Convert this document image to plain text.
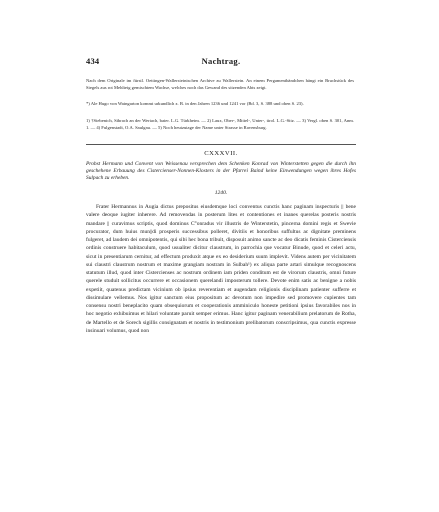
434	Nachtrag.

Nach dem Originale im fürstl. Oettingen-Wallersteinischen Archive zu Wallerstein. An einem Pergamentbändchen hängt ein Bruchstück des Siegels aus rot Mehlteig gemischtem Wachse, welches noch das Gewand des sitzenden Abts zeigt.

*) Ale Hugo von Waingarton kommt urkundlich z. B. in den Jahren 1236 und 1241 vor (Bd. 3, S. 388 und oben S. 23).

1) †Siebenich, Sibrach an der Wertach, baier. L.G. Türkheim. — 2) Laux, Ober-, Mittel-, Unter-, tirol. L.G.-Sitz. — 3) Vergl. oben S. 301, Anm. 1. — 4) Fulgenstadt, O.A. Saulgau. — 5) Noch heutzutage der Name unter Strasse in Ravensburg.

CXXXVII.

Probst Hermann und Convent von Weissenau versprechen dem Schenken Konrad von Winterstetten gegen die durch ihn geschehene Erbauung des Cistercienser-Nonnen-Klosters in der Pfarrei Baind keine Einwendungen wegen ihres Hofes Sulpach zu erheben.

1240.

Frater Hermannus in Augia dictus prepositus eiusdemque loci conventus cunctis hanc paginam inspecturis || bene valere deoque iugiter inherere. Ad removendas in posterum lites et contentiones et inanes querelas posteris nostris mandare || curavimus scriptis, quod dominus C°onradus vir illustris de Winterstetin, pincerna domini regis et Swevie procurator, dum huius mun||di prosperis successibus polleret, divitiis et honoribus suffultus ac dignitate preminens fulgeret, ad laudem dei omnipotentis, qui sibi hec bona tribuit, disposuit animo sancte ac deo dicatis feminis Cisterciensis ordinis construere habitaculum, quod usualiter dicitur claustrum, in parrochia que vocatur Binude, quod et celeri actu, sicut in presentiarum cernitur, ad effectum produxit atque ex eo desiderium suum implevit. Videns autem per vicinitatem sui claustri claustrum nostrum et maxime grangiam nostram in Sulbah¹) ex aliqua parte artari simulque recognoscens statutum illud, quod inter Cistercienses ac nostrum ordinem iam priden conditum est de virorum claustris, omni future querele studuit sollicitus occurrere et occasionem querelandi imposterum tollere. Devote enim satis ac benigne a nobis expetiit, quatenus predictam vicinium ob ipsius reverentiam et augendam religionis disciplinam patienter sufferre et dissimulare vellemus. Nos igitur sanctum eius propositum ac devotum non impedire sed promovere cupientes tam consensu nostri beneplacito quam obsequiorum et cooperationis amminiculo honeste petitioni ipsius favorabiles nos in hoc negotio exhibuimus et hilari voluntate paruit semper erimus. Hanc igitur paginam venerabilium prelatorum de Rotha, de Martello et de Sorech sigillis consignatam et nostris in testimonium prelibatorum conscripsimus, qua cunctis expresse insinuari volumus, quod non
